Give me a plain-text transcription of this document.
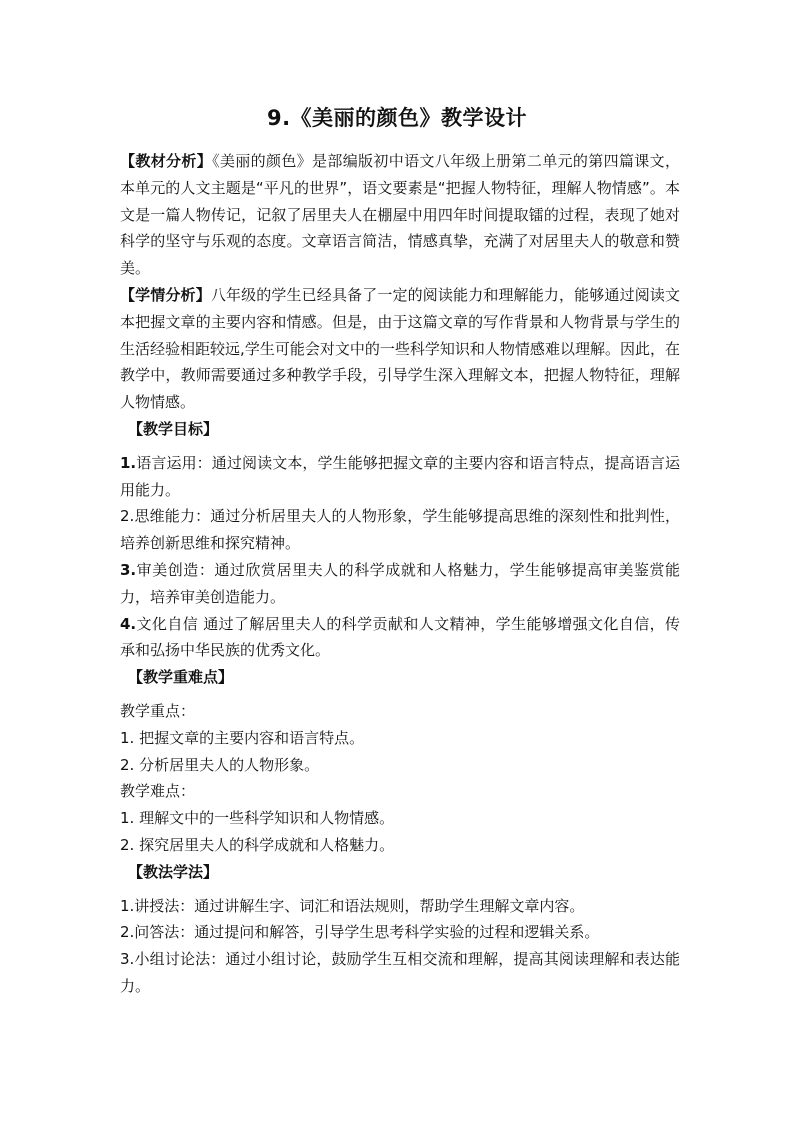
9.《美丽的颜色》教学设计

【教材分析】《美丽的颜色》是部编版初中语文八年级上册第二单元的第四篇课文，本单元的人文主题是“平凡的世界”，语文要素是“把握人物特征，理解人物情感”。本文是一篇人物传记，记叙了居里夫人在棚屋中用四年时间提取镭的过程，表现了她对科学的坚守与乐观的态度。文章语言简洁，情感真挚，充满了对居里夫人的敬意和赞美。

【学情分析】八年级的学生已经具备了一定的阅读能力和理解能力，能够通过阅读文本把握文章的主要内容和情感。但是，由于这篇文章的写作背景和人物背景与学生的生活经验相距较远,学生可能会对文中的一些科学知识和人物情感难以理解。因此，在教学中，教师需要通过多种教学手段，引导学生深入理解文本，把握人物特征，理解人物情感。

【教学目标】

1.语言运用：通过阅读文本，学生能够把握文章的主要内容和语言特点，提高语言运用能力。

2.思维能力：通过分析居里夫人的人物形象，学生能够提高思维的深刻性和批判性，培养创新思维和探究精神。

3.审美创造：通过欣赏居里夫人的科学成就和人格魅力，学生能够提高审美鉴赏能力，培养审美创造能力。

4.文化自信 通过了解居里夫人的科学贡献和人文精神，学生能够增强文化自信，传承和弘扬中华民族的优秀文化。

【教学重难点】

教学重点：

1. 把握文章的主要内容和语言特点。

2. 分析居里夫人的人物形象。

教学难点：

1. 理解文中的一些科学知识和人物情感。

2. 探究居里夫人的科学成就和人格魅力。

【教法学法】

1.讲授法：通过讲解生字、词汇和语法规则，帮助学生理解文章内容。

2.问答法：通过提问和解答，引导学生思考科学实验的过程和逻辑关系。

3.小组讨论法：通过小组讨论，鼓励学生互相交流和理解，提高其阅读理解和表达能力。
